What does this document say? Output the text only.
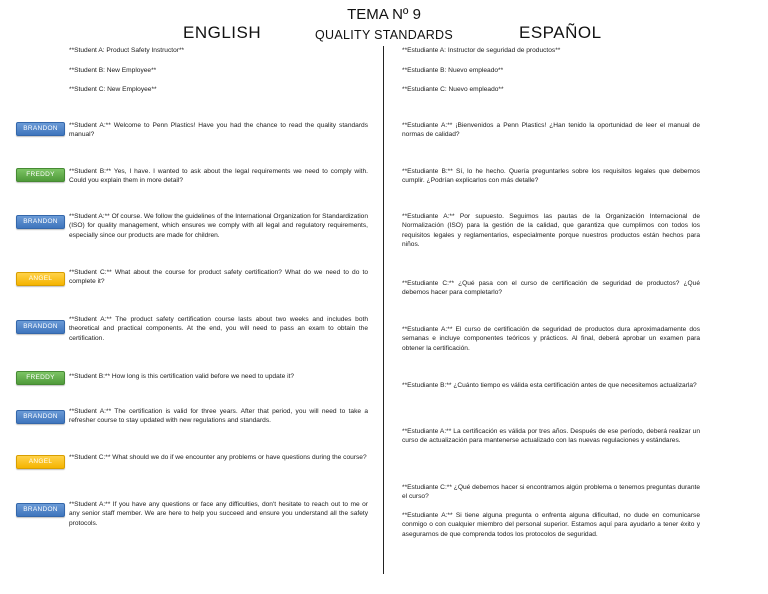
TEMA Nº 9
ENGLISH	QUALITY STANDARDS	ESPAÑOL
BRANDON
FREDDY
BRANDON
ANGEL
BRANDON
FREDDY
BRANDON
ANGEL
BRANDON
**Student A: Product Safety Instructor**
**Student B: New Employee**
**Student C: New Employee**
**Student A:** Welcome to Penn Plastics! Have you had the chance to read the quality standards manual?
**Student B:** Yes, I have. I wanted to ask about the legal requirements we need to comply with. Could you explain them in more detail?
**Student A:** Of course. We follow the guidelines of the International Organization for Standardization (ISO) for quality management, which ensures we comply with all legal and regulatory requirements, especially since our products are made for children.
**Student C:** What about the course for product safety certification? What do we need to do to complete it?
**Student A:** The product safety certification course lasts about two weeks and includes both theoretical and practical components. At the end, you will need to pass an exam to obtain the certification.
**Student B:** How long is this certification valid before we need to update it?
**Student A:** The certification is valid for three years. After that period, you will need to take a refresher course to stay updated with new regulations and standards.
**Student C:** What should we do if we encounter any problems or have questions during the course?
**Student A:** If you have any questions or face any difficulties, don't hesitate to reach out to me or any senior staff member. We are here to help you succeed and ensure you understand all the safety protocols.
**Estudiante A: Instructor de seguridad de productos**
**Estudiante B: Nuevo empleado**
**Estudiante C: Nuevo empleado**
**Estudiante A:** ¡Bienvenidos a Penn Plastics! ¿Han tenido la oportunidad de leer el manual de normas de calidad?
**Estudiante B:** Sí, lo he hecho. Quería preguntarles sobre los requisitos legales que debemos cumplir. ¿Podrían explicarlos con más detalle?
**Estudiante A:** Por supuesto. Seguimos las pautas de la Organización Internacional de Normalización (ISO) para la gestión de la calidad, que garantiza que cumplimos con todos los requisitos legales y reglamentarios, especialmente porque nuestros productos están hechos para niños.
**Estudiante C:** ¿Qué pasa con el curso de certificación de seguridad de productos? ¿Qué debemos hacer para completarlo?
**Estudiante A:** El curso de certificación de seguridad de productos dura aproximadamente dos semanas e incluye componentes teóricos y prácticos. Al final, deberá aprobar un examen para obtener la certificación.
**Estudiante B:** ¿Cuánto tiempo es válida esta certificación antes de que necesitemos actualizarla?
**Estudiante A:** La certificación es válida por tres años. Después de ese período, deberá realizar un curso de actualización para mantenerse actualizado con las nuevas regulaciones y estándares.
**Estudiante C:** ¿Qué debemos hacer si encontramos algún problema o tenemos preguntas durante el curso?
**Estudiante A:** Si tiene alguna pregunta o enfrenta alguna dificultad, no dude en comunicarse conmigo o con cualquier miembro del personal superior. Estamos aquí para ayudarlo a tener éxito y asegurarnos de que comprenda todos los protocolos de seguridad.
